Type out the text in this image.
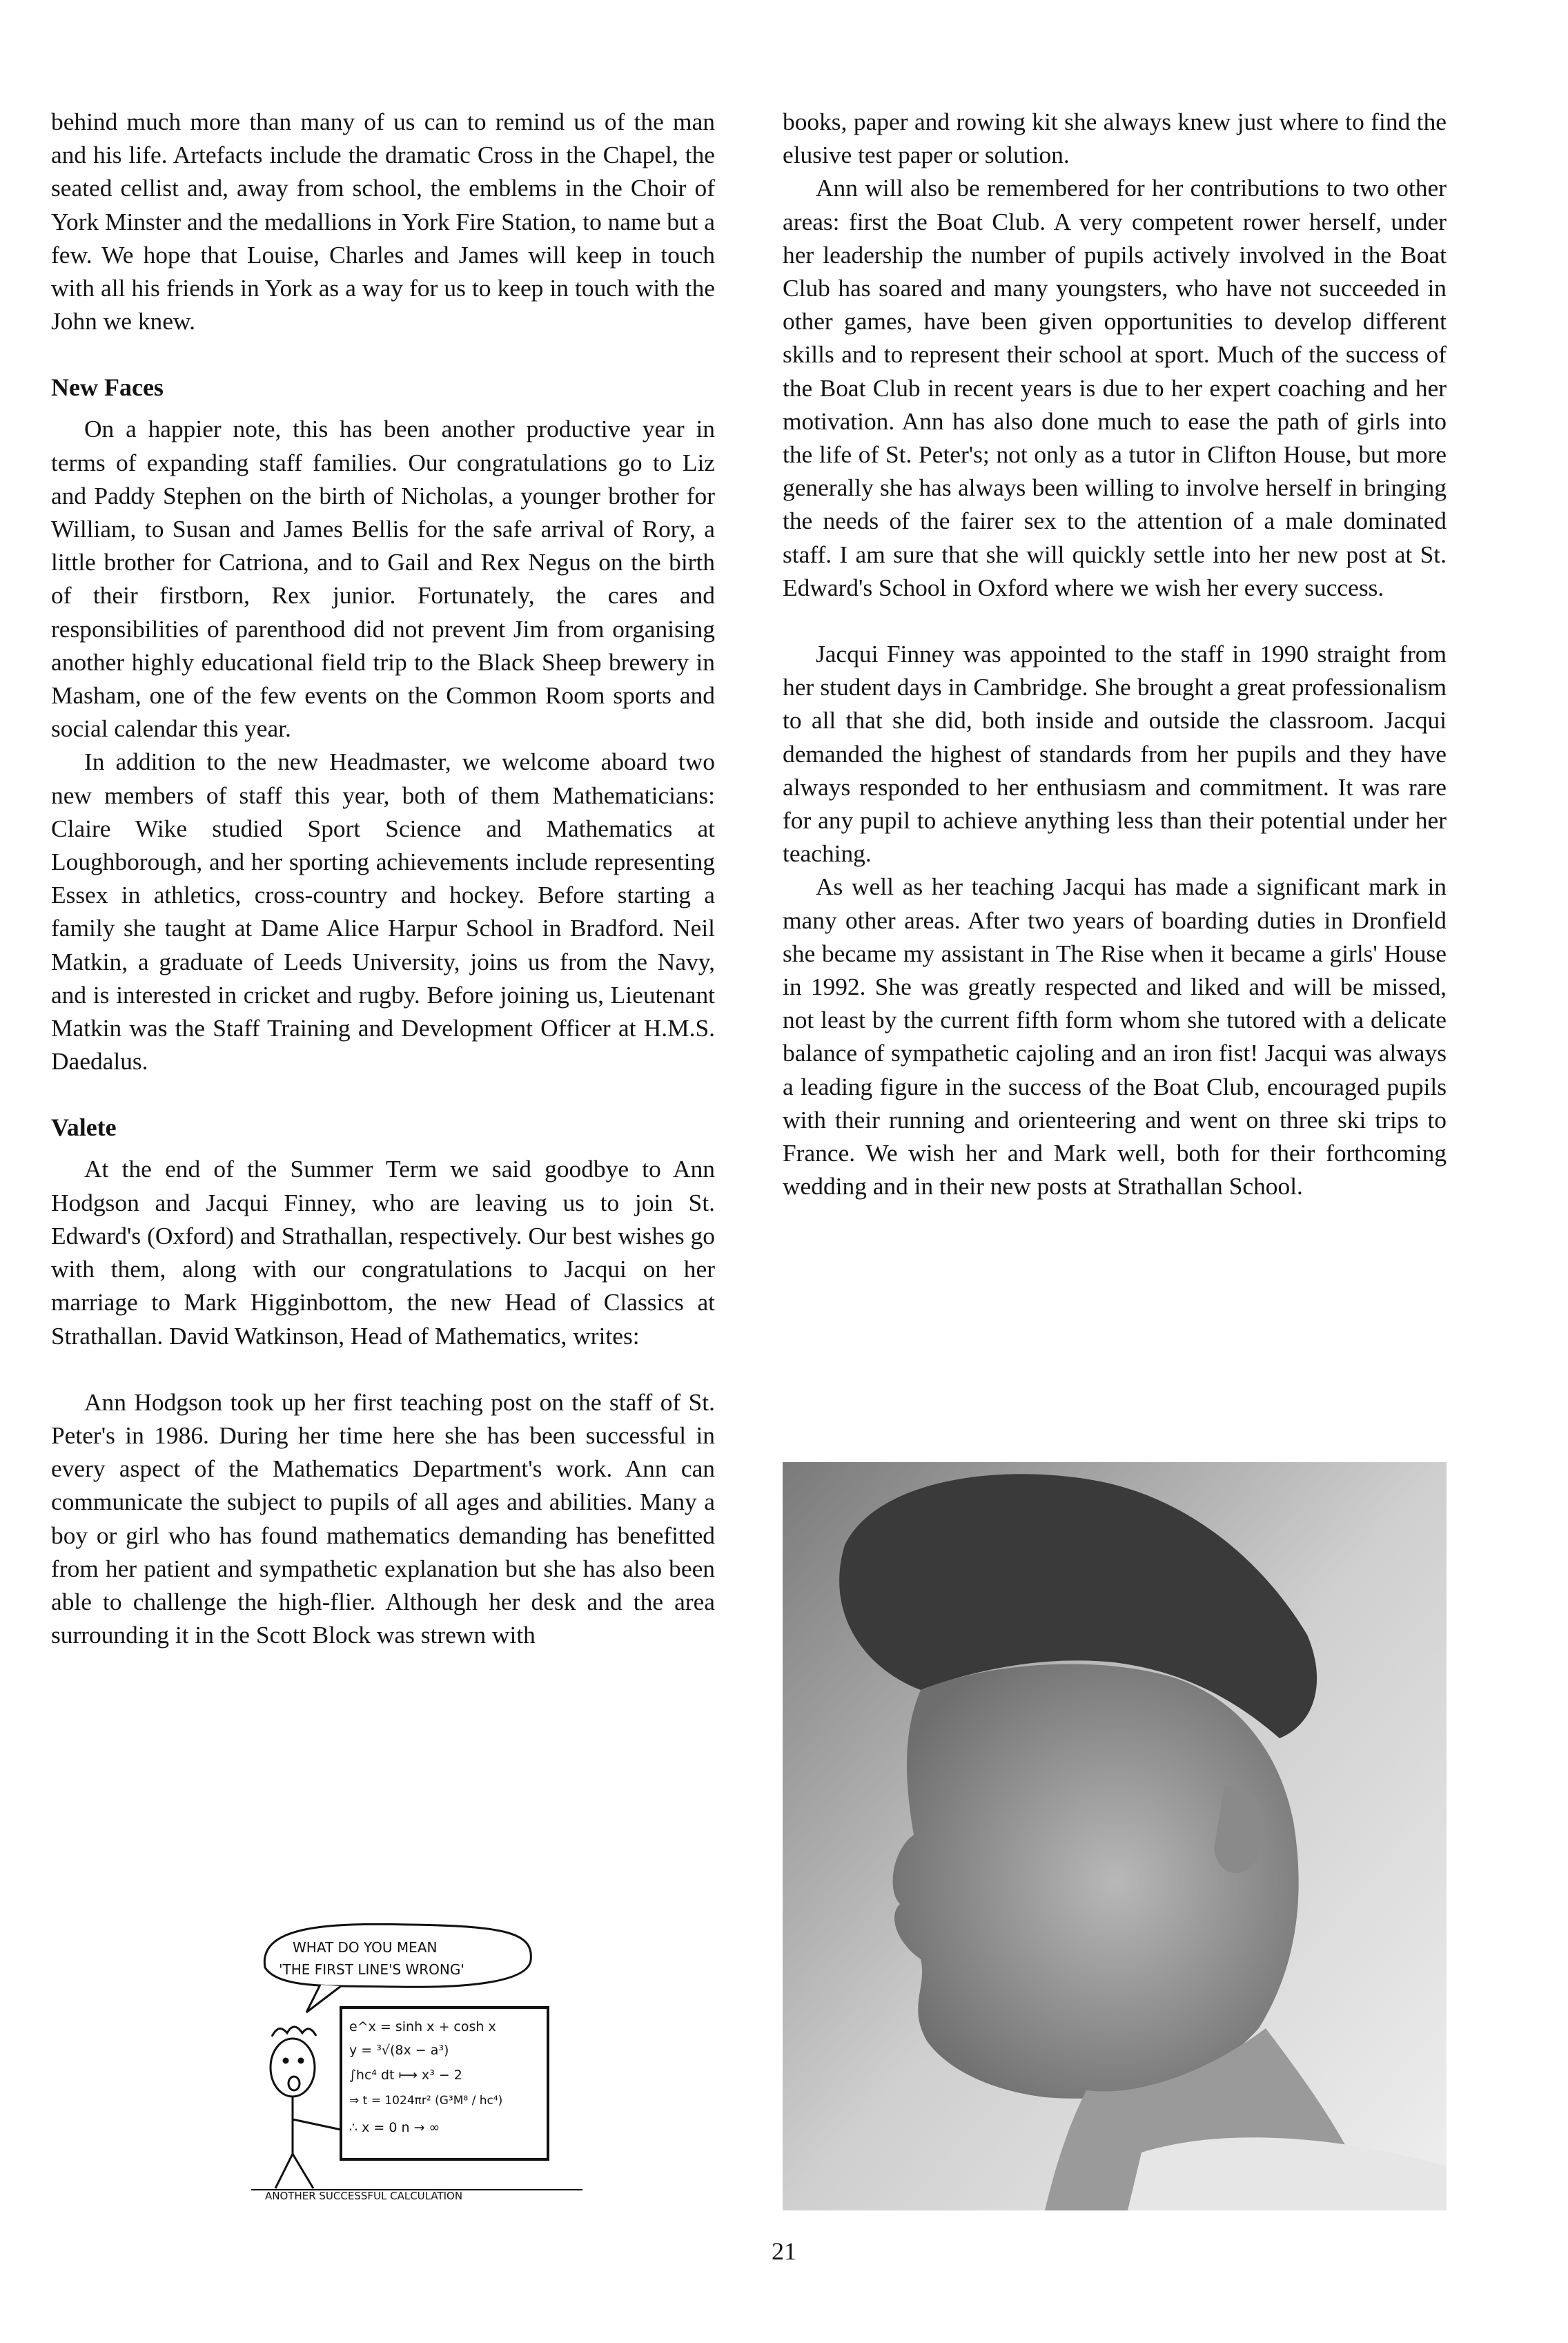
behind much more than many of us can to remind us of the man and his life. Artefacts include the dramatic Cross in the Chapel, the seated cellist and, away from school, the emblems in the Choir of York Minster and the medallions in York Fire Station, to name but a few. We hope that Louise, Charles and James will keep in touch with all his friends in York as a way for us to keep in touch with the John we knew.

New Faces

On a happier note, this has been another productive year in terms of expanding staff families. Our congratulations go to Liz and Paddy Stephen on the birth of Nicholas, a younger brother for William, to Susan and James Bellis for the safe arrival of Rory, a little brother for Catriona, and to Gail and Rex Negus on the birth of their firstborn, Rex junior. Fortunately, the cares and responsibilities of parenthood did not prevent Jim from organising another highly educational field trip to the Black Sheep brewery in Masham, one of the few events on the Common Room sports and social calendar this year.

In addition to the new Headmaster, we welcome aboard two new members of staff this year, both of them Mathematicians: Claire Wike studied Sport Science and Mathematics at Loughborough, and her sporting achievements include representing Essex in athletics, cross-country and hockey. Before starting a family she taught at Dame Alice Harpur School in Bradford. Neil Matkin, a graduate of Leeds University, joins us from the Navy, and is interested in cricket and rugby. Before joining us, Lieutenant Matkin was the Staff Training and Development Officer at H.M.S. Daedalus.

Valete

At the end of the Summer Term we said goodbye to Ann Hodgson and Jacqui Finney, who are leaving us to join St. Edward's (Oxford) and Strathallan, respectively. Our best wishes go with them, along with our congratulations to Jacqui on her marriage to Mark Higginbottom, the new Head of Classics at Strathallan. David Watkinson, Head of Mathematics, writes:

Ann Hodgson took up her first teaching post on the staff of St. Peter's in 1986. During her time here she has been successful in every aspect of the Mathematics Department's work. Ann can communicate the subject to pupils of all ages and abilities. Many a boy or girl who has found mathematics demanding has benefitted from her patient and sympathetic explanation but she has also been able to challenge the high-flier. Although her desk and the area surrounding it in the Scott Block was strewn with

books, paper and rowing kit she always knew just where to find the elusive test paper or solution.

Ann will also be remembered for her contributions to two other areas: first the Boat Club. A very competent rower herself, under her leadership the number of pupils actively involved in the Boat Club has soared and many youngsters, who have not succeeded in other games, have been given opportunities to develop different skills and to represent their school at sport. Much of the success of the Boat Club in recent years is due to her expert coaching and her motivation. Ann has also done much to ease the path of girls into the life of St. Peter's; not only as a tutor in Clifton House, but more generally she has always been willing to involve herself in bringing the needs of the fairer sex to the attention of a male dominated staff. I am sure that she will quickly settle into her new post at St. Edward's School in Oxford where we wish her every success.

Jacqui Finney was appointed to the staff in 1990 straight from her student days in Cambridge. She brought a great professionalism to all that she did, both inside and outside the classroom. Jacqui demanded the highest of standards from her pupils and they have always responded to her enthusiasm and commitment. It was rare for any pupil to achieve anything less than their potential under her teaching.

As well as her teaching Jacqui has made a significant mark in many other areas. After two years of boarding duties in Dronfield she became my assistant in The Rise when it became a girls' House in 1992. She was greatly respected and liked and will be missed, not least by the current fifth form whom she tutored with a delicate balance of sympathetic cajoling and an iron fist! Jacqui was always a leading figure in the success of the Boat Club, encouraged pupils with their running and orienteering and went on three ski trips to France. We wish her and Mark well, both for their forthcoming wedding and in their new posts at Strathallan School.

WHAT DO YOU MEAN
'THE FIRST LINE'S WRONG'
e^x = sinh x + cosh x
y = ³√(8x − a³)
∫hc⁴ dt ⟼ x³ − 2
⇒ t = 1024πr² (G³M⁸ / hc⁴)
∴ x = 0 n → ∞
ANOTHER SUCCESSFUL CALCULATION
21
